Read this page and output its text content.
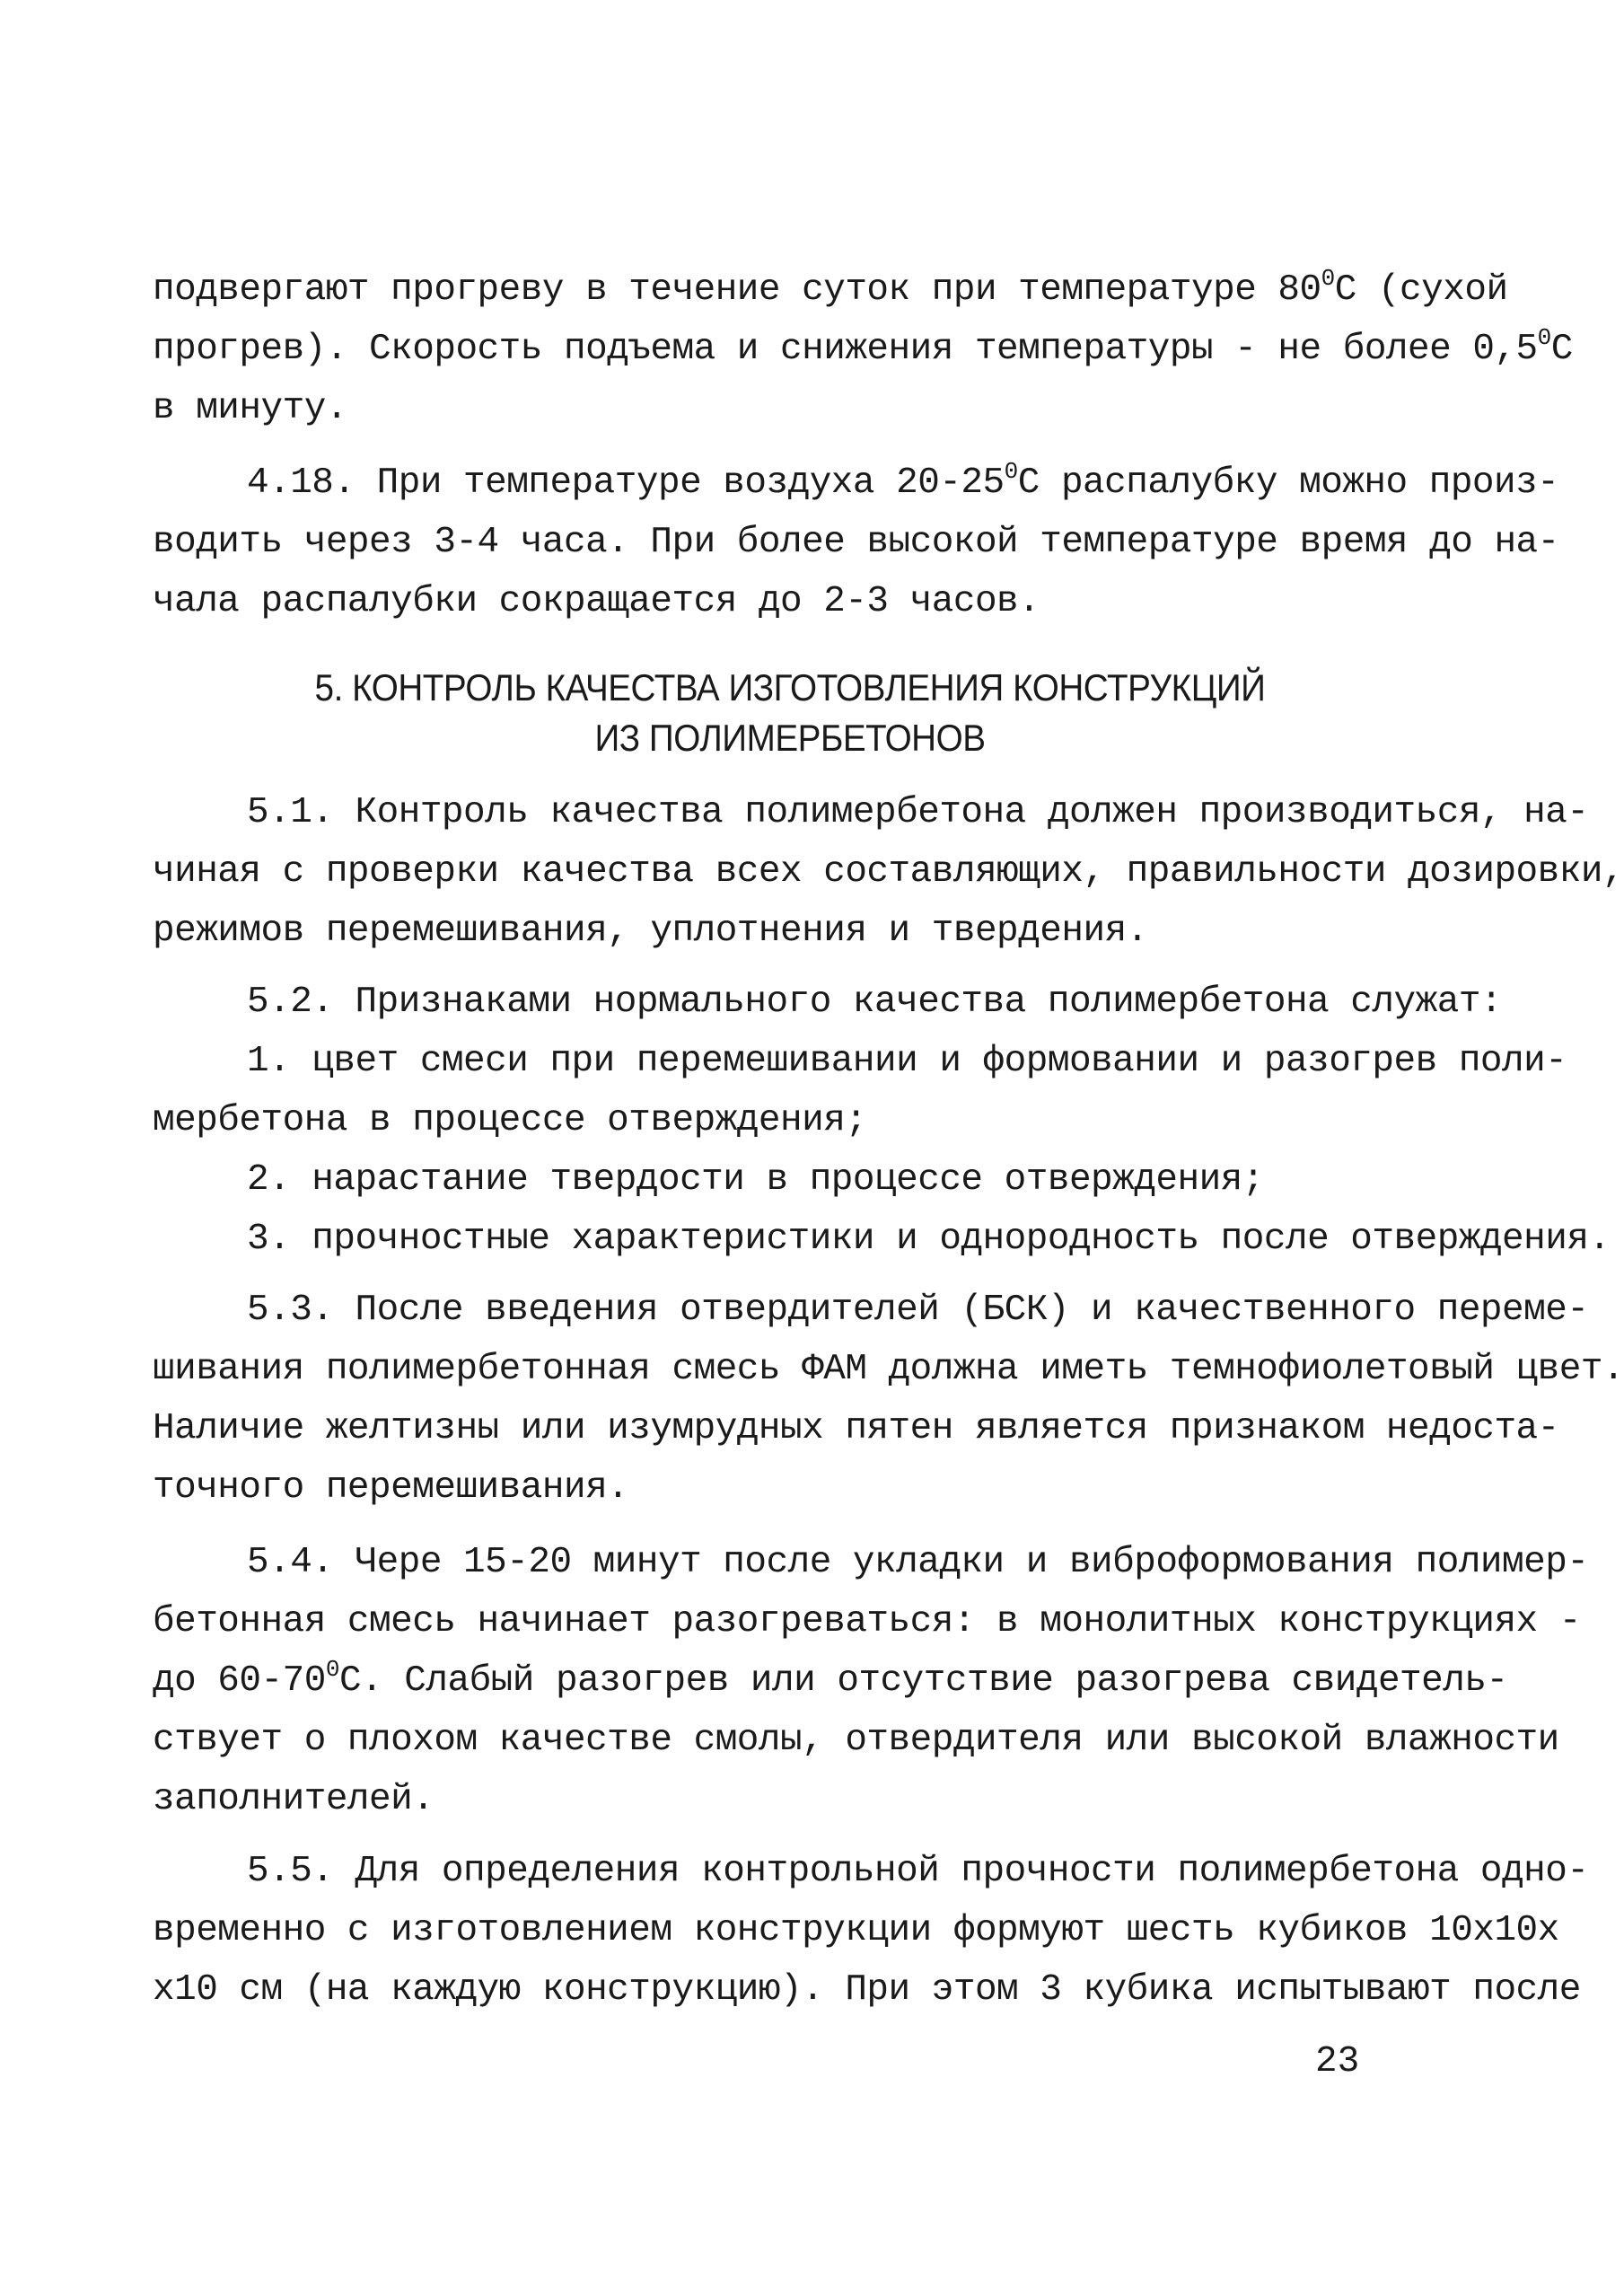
подвергают прогреву в течение суток при температуре $80^0С$ (сухой
прогрев). Скорость подъема и снижения температуры - не более $0,5^0С$
в минуту.
4.18. При температуре воздуха $20-25^0С$ распалубку можно произ-
водить через 3-4 часа. При более высокой температуре время до на-
чала распалубки сокращается до 2-3 часов.
5. КОНТРОЛЬ КАЧЕСТВА ИЗГОТОВЛЕНИЯ КОНСТРУКЦИЙ
ИЗ ПОЛИМЕРБЕТОНОВ
5.1. Контроль качества полимербетона должен производиться, на-
чиная с проверки качества всех составляющих, правильности дозировки,
режимов перемешивания, уплотнения и твердения.
5.2. Признаками нормального качества полимербетона служат:
1. цвет смеси при перемешивании и формовании и разогрев поли-
мербетона в процессе отверждения;
2. нарастание твердости в процессе отверждения;
3. прочностные характеристики и однородность после отверждения.
5.3. После введения отвердителей (БСК) и качественного переме-
шивания полимербетонная смесь ФАМ должна иметь темнофиолетовый цвет.
Наличие желтизны или изумрудных пятен является признаком недоста-
точного перемешивания.
5.4. Чере 15-20 минут после укладки и виброформования полимер-
бетонная смесь начинает разогреваться: в монолитных конструкциях -
до $60-70^0С$. Слабый разогрев или отсутствие разогрева свидетель-
ствует о плохом качестве смолы, отвердителя или высокой влажности
заполнителей.
5.5. Для определения контрольной прочности полимербетона одно-
временно с изготовлением конструкции формуют шесть кубиков 10х10х
х10 см (на каждую конструкцию). При этом 3 кубика испытывают после
23
